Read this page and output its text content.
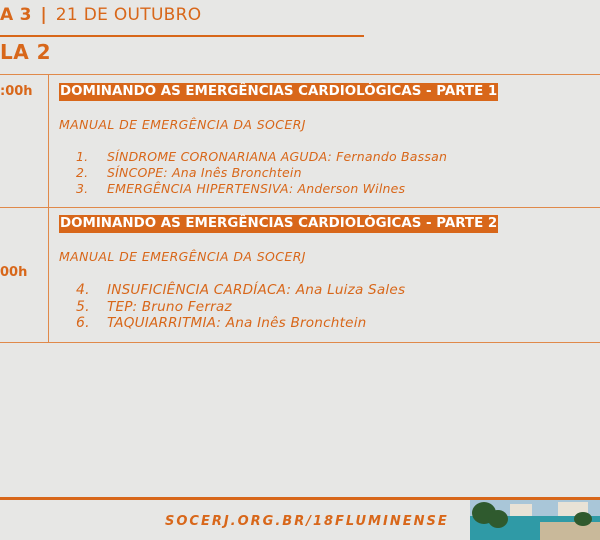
A 3 | 21 DE OUTUBRO
LA 2
:00h DOMINANDO AS EMERGÊNCIAS CARDIOLÓGICAS - PARTE 1
MANUAL DE EMERGÊNCIA DA SOCERJ
1. SÍNDROME CORONARIANA AGUDA: Fernando Bassan
2. SÍNCOPE: Ana Inês Bronchtein
3. EMERGÊNCIA HIPERTENSIVA: Anderson Wilnes
00h
DOMINANDO AS EMERGÊNCIAS CARDIOLÓGICAS - PARTE 2
MANUAL DE EMERGÊNCIA DA SOCERJ
4. INSUFICIÊNCIA CARDÍACA: Ana Luiza Sales
5. TEP: Bruno Ferraz
6. TAQUIARRITMIA: Ana Inês Bronchtein
SOCERJ.ORG.BR/18FLUMINENSE
